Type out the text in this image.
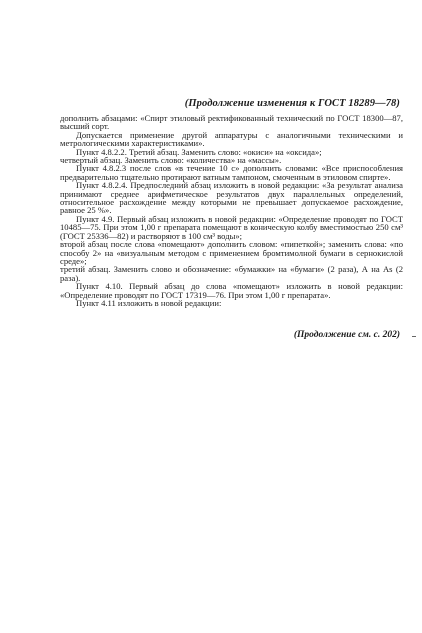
(Продолжение изменения к ГОСТ 18289—78)

дополнить абзацами: «Спирт этиловый ректификованный технический по ГОСТ 18300—87, высший сорт.

Допускается применение другой аппаратуры с аналогичными техническими и метрологическими характеристиками».

Пункт 4.8.2.2. Третий абзац. Заменить слово: «окиси» на «оксида»;

четвертый абзац. Заменить слово: «количества» на «массы».

Пункт 4.8.2.3 после слов «в течение 10 с» дополнить словами: «Все приспособления предварительно тщательно протирают ватным тампоном, смоченным в этиловом спирте».

Пункт 4.8.2.4. Предпоследний абзац изложить в новой редакции: «За результат анализа принимают среднее арифметическое результатов двух параллельных определений, относительное расхождение между которыми не превышает допускаемое расхождение, равное 25 %».

Пункт 4.9. Первый абзац изложить в новой редакции: «Определение проводят по ГОСТ 10485—75. При этом 1,00 г препарата помещают в коническую колбу вместимостью 250 см³ (ГОСТ 25336—82) и растворяют в 100 см³ воды»;

второй абзац после слова «помещают» дополнить словом: «пипеткой»; заменить слова: «по способу 2» на «визуальным методом с применением бромтимолной бумаги в сернокислой среде»;

третий абзац. Заменить слово и обозначение: «бумажки» на «бумаги» (2 раза), А на As (2 раза).

Пункт 4.10. Первый абзац до слова «помещают» изложить в новой редакции: «Определение проводят по ГОСТ 17319—76. При этом 1,00 г препарата».

Пункт 4.11 изложить в новой редакции:

(Продолжение см. с. 202)
